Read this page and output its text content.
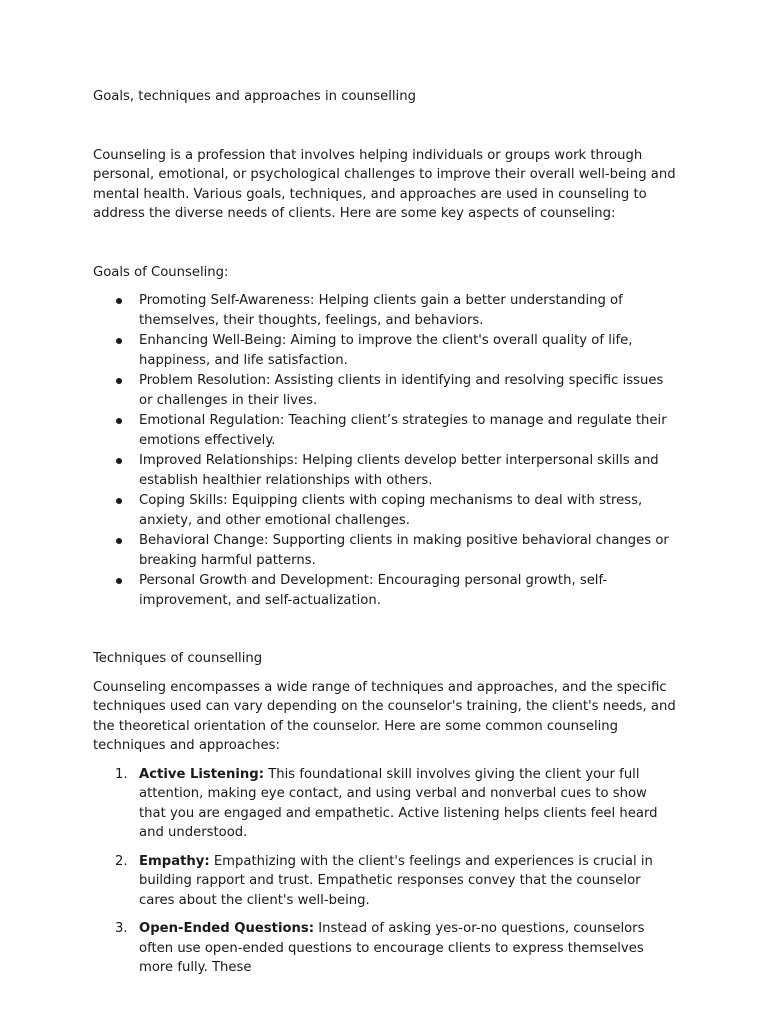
Goals, techniques and approaches in counselling

Counseling is a profession that involves helping individuals or groups work through personal, emotional, or psychological challenges to improve their overall well-being and mental health. Various goals, techniques, and approaches are used in counseling to address the diverse needs of clients. Here are some key aspects of counseling:

Goals of Counseling:

Promoting Self-Awareness: Helping clients gain a better understanding of themselves, their thoughts, feelings, and behaviors.
Enhancing Well-Being: Aiming to improve the client's overall quality of life, happiness, and life satisfaction.
Problem Resolution: Assisting clients in identifying and resolving specific issues or challenges in their lives.
Emotional Regulation: Teaching client’s strategies to manage and regulate their emotions effectively.
Improved Relationships: Helping clients develop better interpersonal skills and establish healthier relationships with others.
Coping Skills: Equipping clients with coping mechanisms to deal with stress, anxiety, and other emotional challenges.
Behavioral Change: Supporting clients in making positive behavioral changes or breaking harmful patterns.
Personal Growth and Development: Encouraging personal growth, self-improvement, and self-actualization.

Techniques of counselling

Counseling encompasses a wide range of techniques and approaches, and the specific techniques used can vary depending on the counselor's training, the client's needs, and the theoretical orientation of the counselor. Here are some common counseling techniques and approaches:

1. Active Listening: This foundational skill involves giving the client your full attention, making eye contact, and using verbal and nonverbal cues to show that you are engaged and empathetic. Active listening helps clients feel heard and understood.
2. Empathy: Empathizing with the client's feelings and experiences is crucial in building rapport and trust. Empathetic responses convey that the counselor cares about the client's well-being.
3. Open-Ended Questions: Instead of asking yes-or-no questions, counselors often use open-ended questions to encourage clients to express themselves more fully. These
